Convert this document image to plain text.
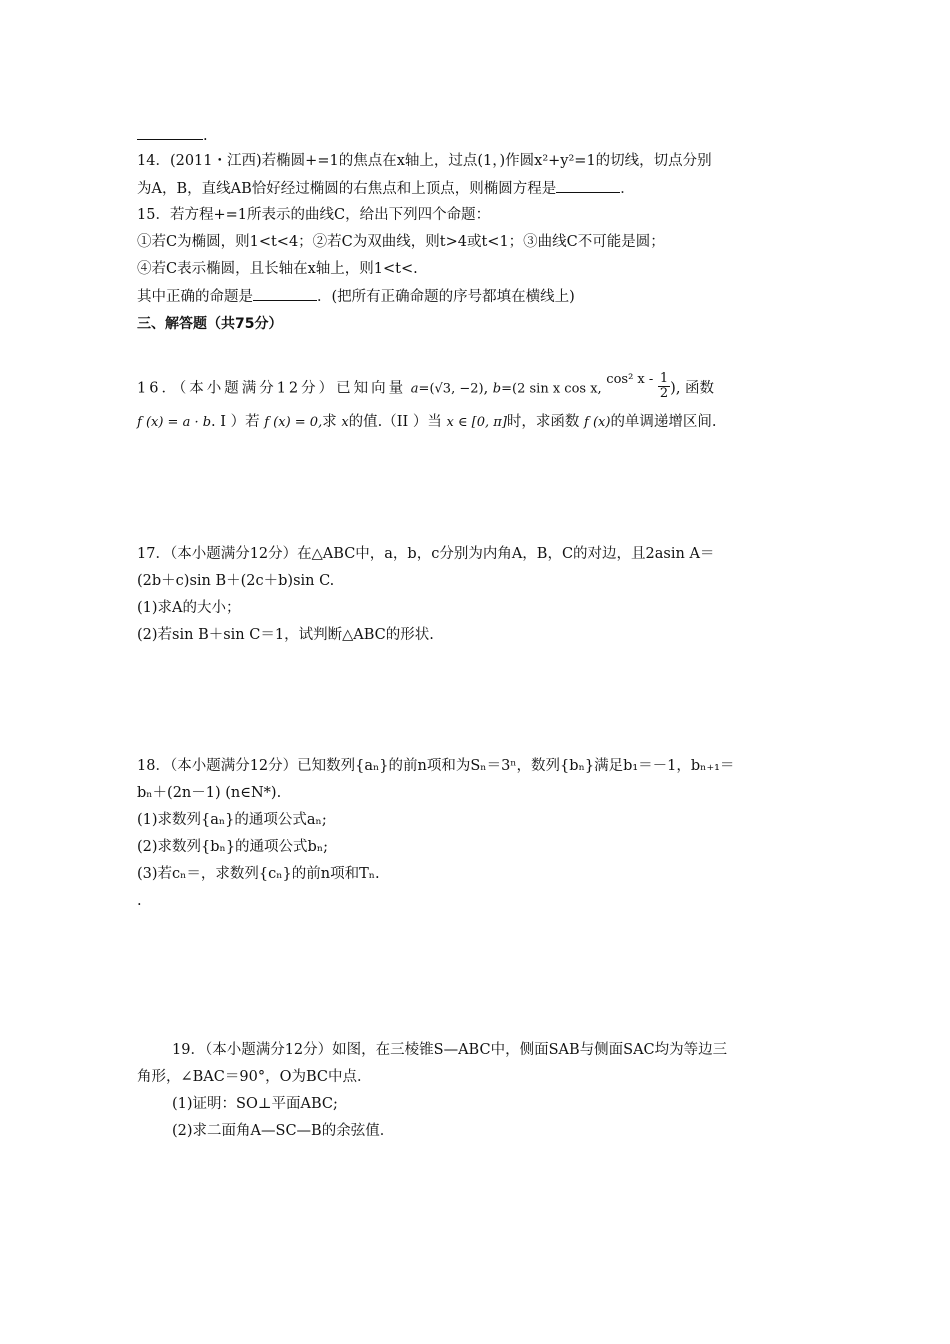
.
14．(2011・江西)若椭圆+=1的焦点在x轴上，过点(1，)作圆x²+y²=1的切线，切点分别
为A，B，直线AB恰好经过椭圆的右焦点和上顶点，则椭圆方程是	．
15．若方程+=1所表示的曲线C，给出下列四个命题：
①若C为椭圆，则1<t<4；②若C为双曲线，则t>4或t<1；③曲线C不可能是圆；
④若C表示椭圆，且长轴在x轴上，则1<t<.
其中正确的命题是	．(把所有正确命题的序号都填在横线上)
三、解答题（共75分）
16．（本小题满分12分）已知向量 a=(√3, −2), b=(2 sin x cos x, cos² x - $\frac{1}{2}$ ), 函数
f (x) = a · b. I ）若 f (x) = 0,求 x的值.（II ）当 x ∈ [0, π]时，求函数 f (x)的单调递增区间.
17．（本小题满分12分）在△ABC中，a，b，c分别为内角A，B，C的对边，且2asin A＝
(2b＋c)sin B＋(2c＋b)sin C.
(1)求A的大小；
(2)若sin B＋sin C＝1，试判断△ABC的形状.
18．（本小题满分12分）已知数列{aₙ}的前n项和为Sₙ＝3ⁿ，数列{bₙ}满足b₁＝－1，bₙ₊₁＝
bₙ＋(2n－1) (n∈N*).
(1)求数列{aₙ}的通项公式aₙ;
(2)求数列{bₙ}的通项公式bₙ;
(3)若cₙ＝，求数列{cₙ}的前n项和Tₙ.
.
19．（本小题满分12分）如图，在三棱锥S—ABC中，侧面SAB与侧面SAC均为等边三
角形，∠BAC＝90°，O为BC中点．
(1)证明：SO⊥平面ABC;
(2)求二面角A—SC—B的余弦值．
